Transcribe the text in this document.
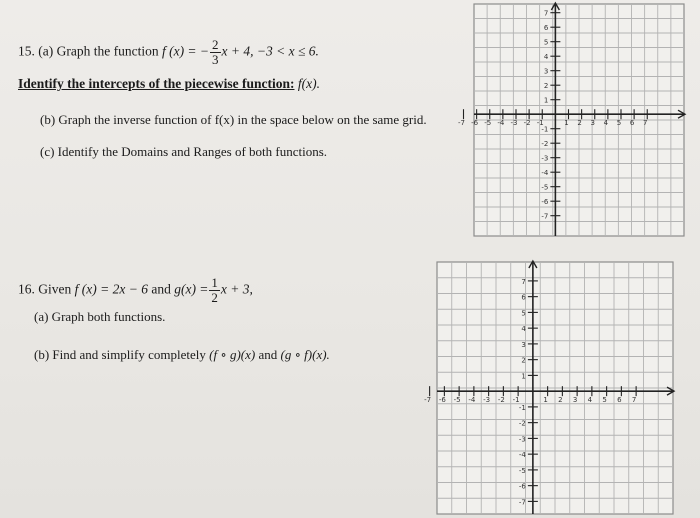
15. (a) Graph the function f (x) = − $\frac{2}{3}$ x + 4, −3 < x ≤ 6.
Identify the intercepts of the piecewise function: f(x).
(b) Graph the inverse function of f(x) in the space below on the same grid.
(c) Identify the Domains and Ranges of both functions.
16. Given f (x) = 2x − 6 and $g(x) = \frac{1}{2}$ x + 3,
(a) Graph both functions.
(b) Find and simplify completely (f ∘ g)(x) and (g ∘ f)(x).
1
-1
1
-1
2
-2
2
-2
3
-3
3
-3
4
-4
4
-4
5
-5
5
-5
6
-6
6
-6
7
-7
7
-7
1
-1
1
-1
2
-2
2
-2
3
-3
3
-3
4
-4
4
-4
5
-5
5
-5
6
-6
6
-6
7
-7
7
-7
